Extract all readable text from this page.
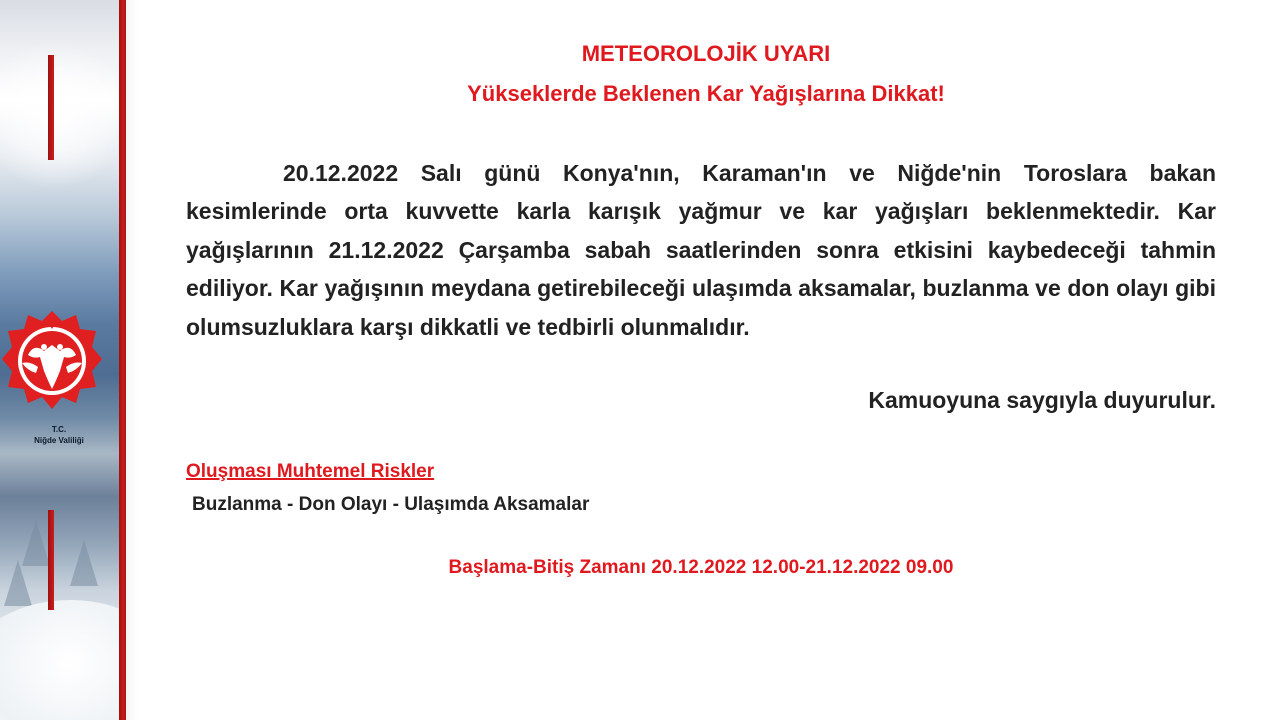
T.C.
Niğde Valiliği
METEOROLOJİK UYARI
Yükseklerde Beklenen Kar Yağışlarına Dikkat!
20.12.2022 Salı günü Konya'nın, Karaman'ın ve Niğde'nin Toroslara bakan kesimlerinde orta kuvvette karla karışık yağmur ve kar yağışları beklenmektedir. Kar yağışlarının 21.12.2022 Çarşamba sabah saatlerinden sonra etkisini kaybedeceği tahmin ediliyor. Kar yağışının meydana getirebileceği ulaşımda aksamalar, buzlanma ve don olayı gibi olumsuzluklara karşı dikkatli ve tedbirli olunmalıdır.
Kamuoyuna saygıyla duyurulur.
Oluşması Muhtemel Riskler
Buzlanma - Don Olayı - Ulaşımda Aksamalar
Başlama-Bitiş Zamanı 20.12.2022 12.00-21.12.2022 09.00
